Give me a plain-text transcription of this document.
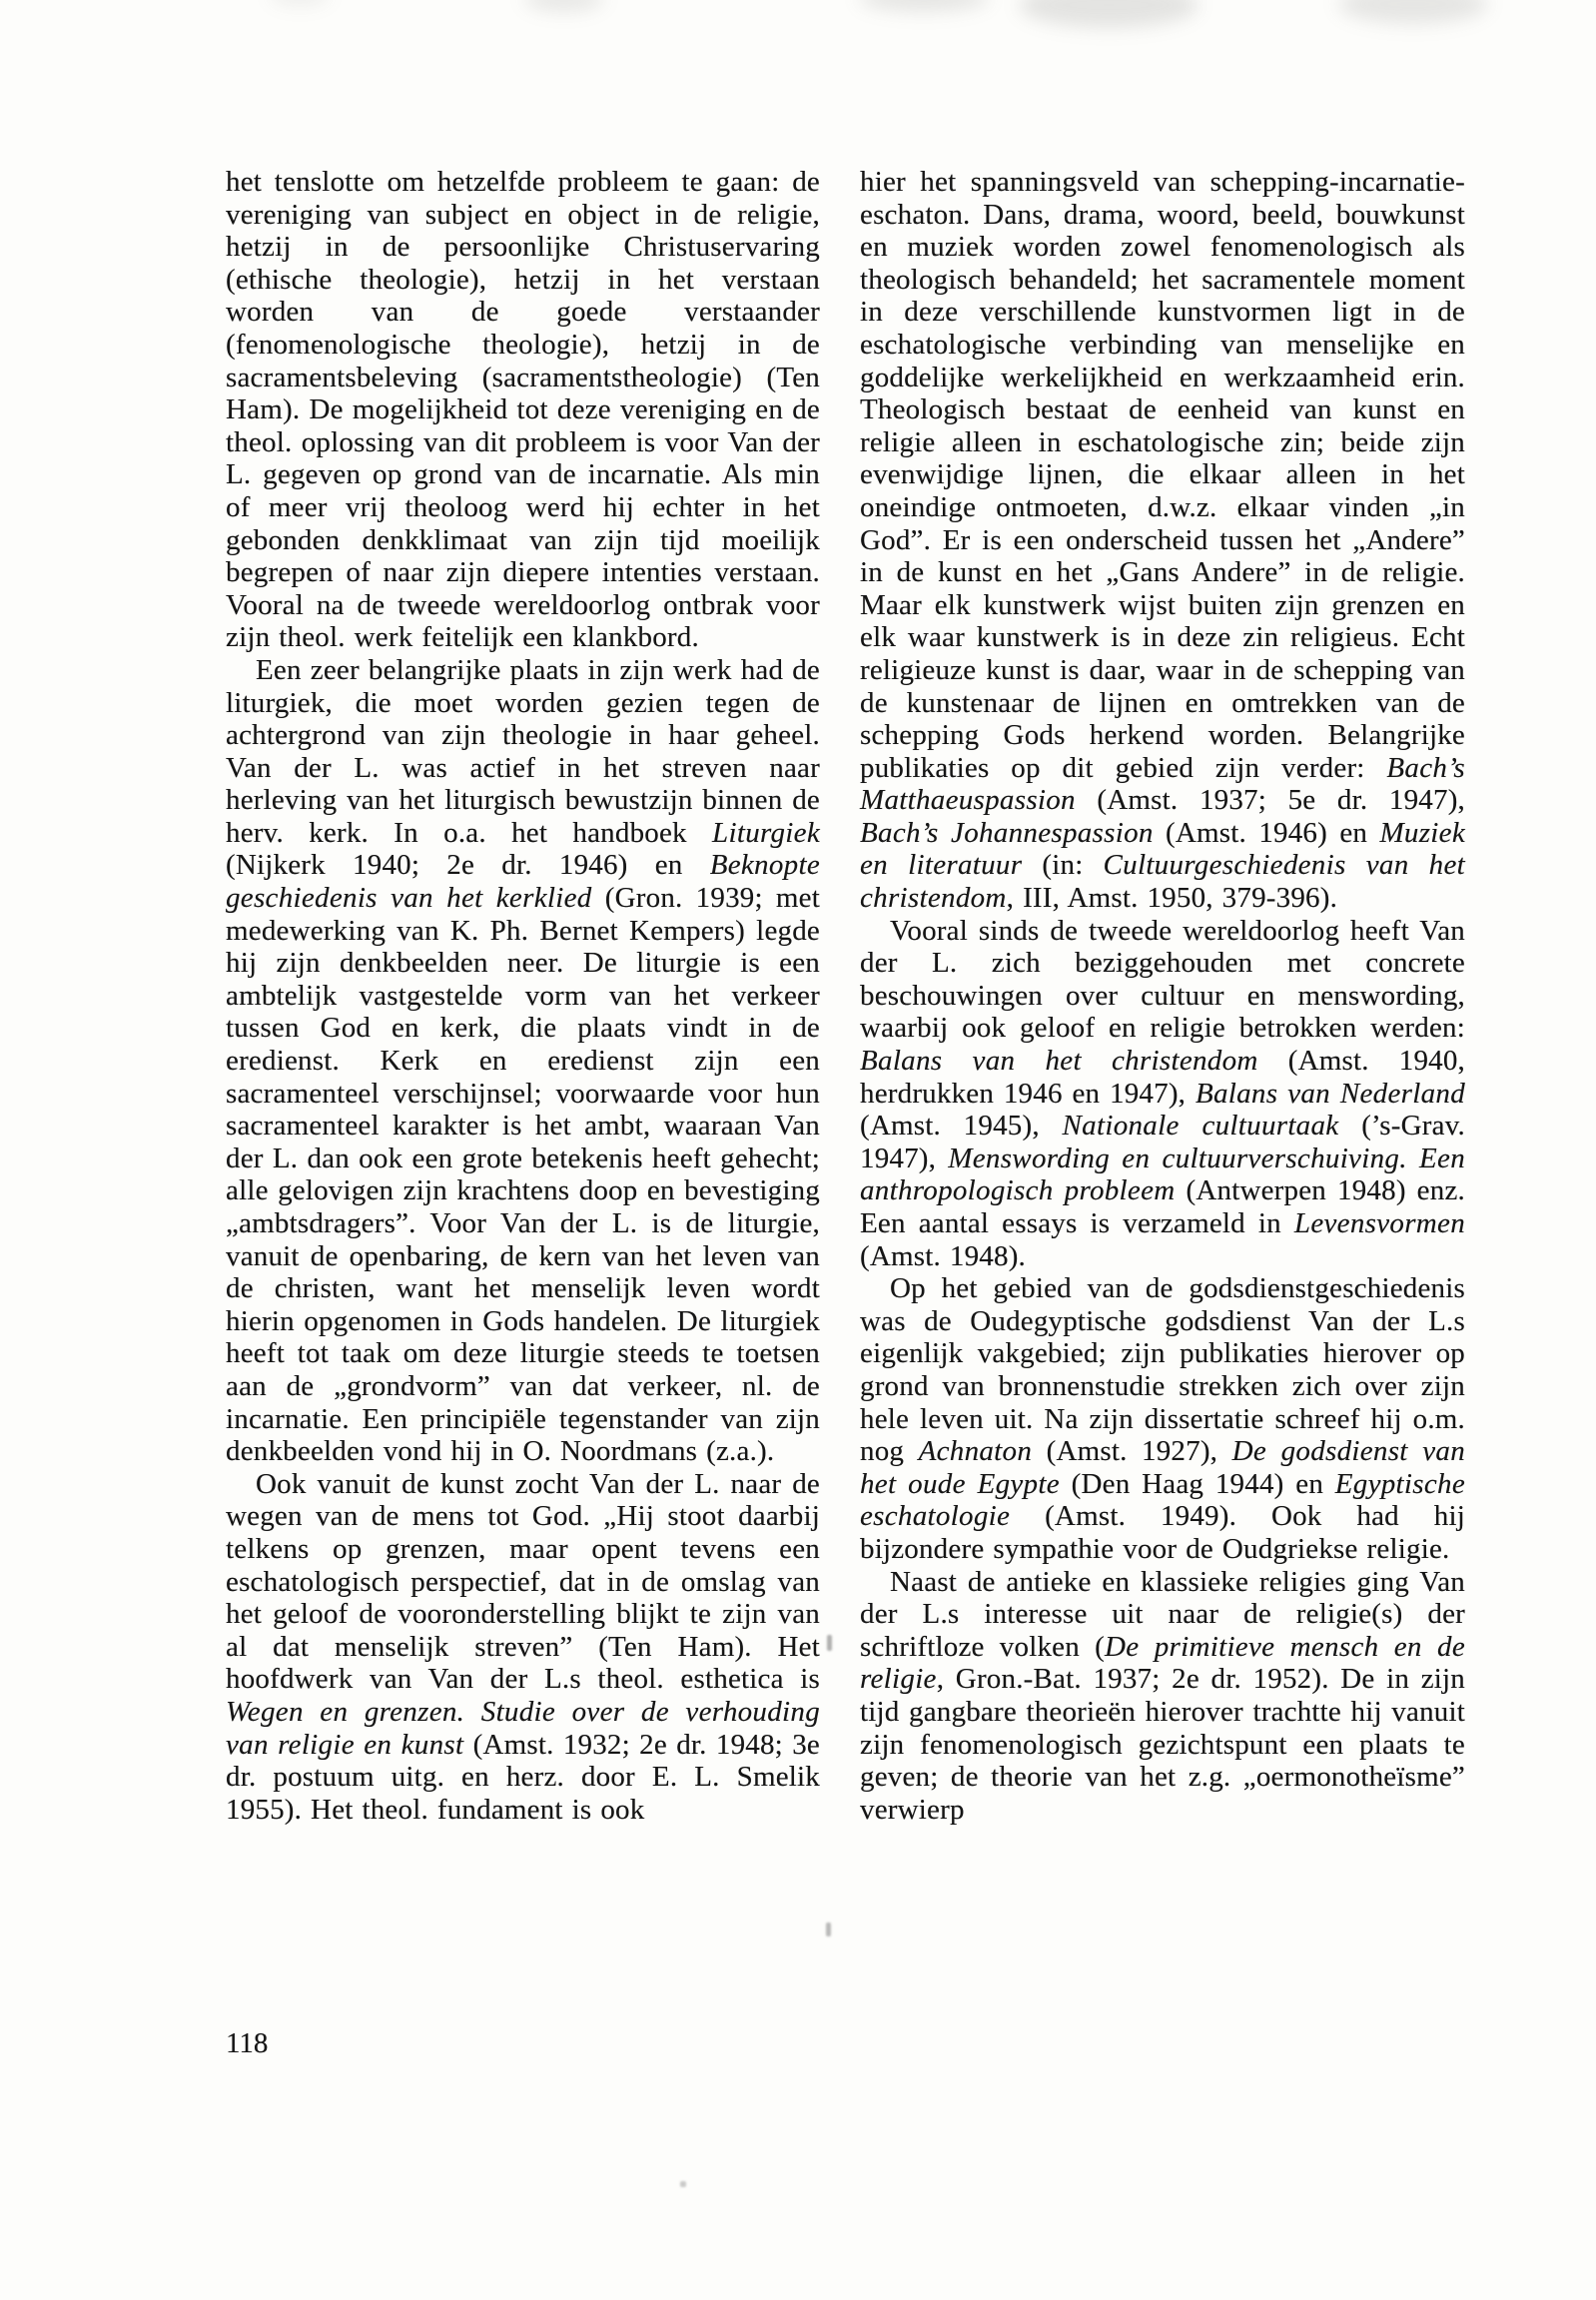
het tenslotte om hetzelfde probleem te gaan: de vereniging van subject en object in de religie, hetzij in de persoonlijke Christuservaring (ethische theologie), hetzij in het verstaan worden van de goede verstaander (fenomenologische theologie), hetzij in de sacramentsbeleving (sacramentstheologie) (Ten Ham). De mogelijkheid tot deze vereniging en de theol. oplossing van dit probleem is voor Van der L. gegeven op grond van de incarnatie. Als min of meer vrij theoloog werd hij echter in het gebonden denkklimaat van zijn tijd moeilijk begrepen of naar zijn diepere intenties verstaan. Vooral na de tweede wereldoorlog ontbrak voor zijn theol. werk feitelijk een klankbord.

Een zeer belangrijke plaats in zijn werk had de liturgiek, die moet worden gezien tegen de achtergrond van zijn theologie in haar geheel. Van der L. was actief in het streven naar herleving van het liturgisch bewustzijn binnen de herv. kerk. In o.a. het handboek Liturgiek (Nijkerk 1940; 2e dr. 1946) en Beknopte geschiedenis van het kerklied (Gron. 1939; met medewerking van K. Ph. Bernet Kempers) legde hij zijn denkbeelden neer. De liturgie is een ambtelijk vastgestelde vorm van het verkeer tussen God en kerk, die plaats vindt in de eredienst. Kerk en eredienst zijn een sacramenteel verschijnsel; voorwaarde voor hun sacramenteel karakter is het ambt, waaraan Van der L. dan ook een grote betekenis heeft gehecht; alle gelovigen zijn krachtens doop en bevestiging „ambtsdragers”. Voor Van der L. is de liturgie, vanuit de openbaring, de kern van het leven van de christen, want het menselijk leven wordt hierin opgenomen in Gods handelen. De liturgiek heeft tot taak om deze liturgie steeds te toetsen aan de „grondvorm” van dat verkeer, nl. de incarnatie. Een principiële tegenstander van zijn denkbeelden vond hij in O. Noordmans (z.a.).

Ook vanuit de kunst zocht Van der L. naar de wegen van de mens tot God. „Hij stoot daarbij telkens op grenzen, maar opent tevens een eschatologisch perspectief, dat in de omslag van het geloof de vooronderstelling blijkt te zijn van al dat menselijk streven” (Ten Ham). Het hoofdwerk van Van der L.s theol. esthetica is Wegen en grenzen. Studie over de verhouding van religie en kunst (Amst. 1932; 2e dr. 1948; 3e dr. postuum uitg. en herz. door E. L. Smelik 1955). Het theol. fundament is ook

hier het spanningsveld van schepping-incarnatie-eschaton. Dans, drama, woord, beeld, bouwkunst en muziek worden zowel fenomenologisch als theologisch behandeld; het sacramentele moment in deze verschillende kunstvormen ligt in de eschatologische verbinding van menselijke en goddelijke werkelijkheid en werkzaamheid erin. Theologisch bestaat de eenheid van kunst en religie alleen in eschatologische zin; beide zijn evenwijdige lijnen, die elkaar alleen in het oneindige ontmoeten, d.w.z. elkaar vinden „in God”. Er is een onderscheid tussen het „Andere” in de kunst en het „Gans Andere” in de religie. Maar elk kunstwerk wijst buiten zijn grenzen en elk waar kunstwerk is in deze zin religieus. Echt religieuze kunst is daar, waar in de schepping van de kunstenaar de lijnen en omtrekken van de schepping Gods herkend worden. Belangrijke publikaties op dit gebied zijn verder: Bach’s Matthaeuspassion (Amst. 1937; 5e dr. 1947), Bach’s Johannespassion (Amst. 1946) en Muziek en literatuur (in: Cultuurgeschiedenis van het christendom, III, Amst. 1950, 379-396).

Vooral sinds de tweede wereldoorlog heeft Van der L. zich beziggehouden met concrete beschouwingen over cultuur en menswording, waarbij ook geloof en religie betrokken werden: Balans van het christendom (Amst. 1940, herdrukken 1946 en 1947), Balans van Nederland (Amst. 1945), Nationale cultuurtaak (’s-Grav. 1947), Menswording en cultuurverschuiving. Een anthropologisch probleem (Antwerpen 1948) enz. Een aantal essays is verzameld in Levensvormen (Amst. 1948).

Op het gebied van de godsdienstgeschiedenis was de Oudegyptische godsdienst Van der L.s eigenlijk vakgebied; zijn publikaties hierover op grond van bronnenstudie strekken zich over zijn hele leven uit. Na zijn dissertatie schreef hij o.m. nog Achnaton (Amst. 1927), De godsdienst van het oude Egypte (Den Haag 1944) en Egyptische eschatologie (Amst. 1949). Ook had hij bijzondere sympathie voor de Oudgriekse religie.

Naast de antieke en klassieke religies ging Van der L.s interesse uit naar de religie(s) der schriftloze volken (De primitieve mensch en de religie, Gron.-Bat. 1937; 2e dr. 1952). De in zijn tijd gangbare theorieën hierover trachtte hij vanuit zijn fenomenologisch gezichtspunt een plaats te geven; de theorie van het z.g. „oermonotheïsme” verwierp

118
